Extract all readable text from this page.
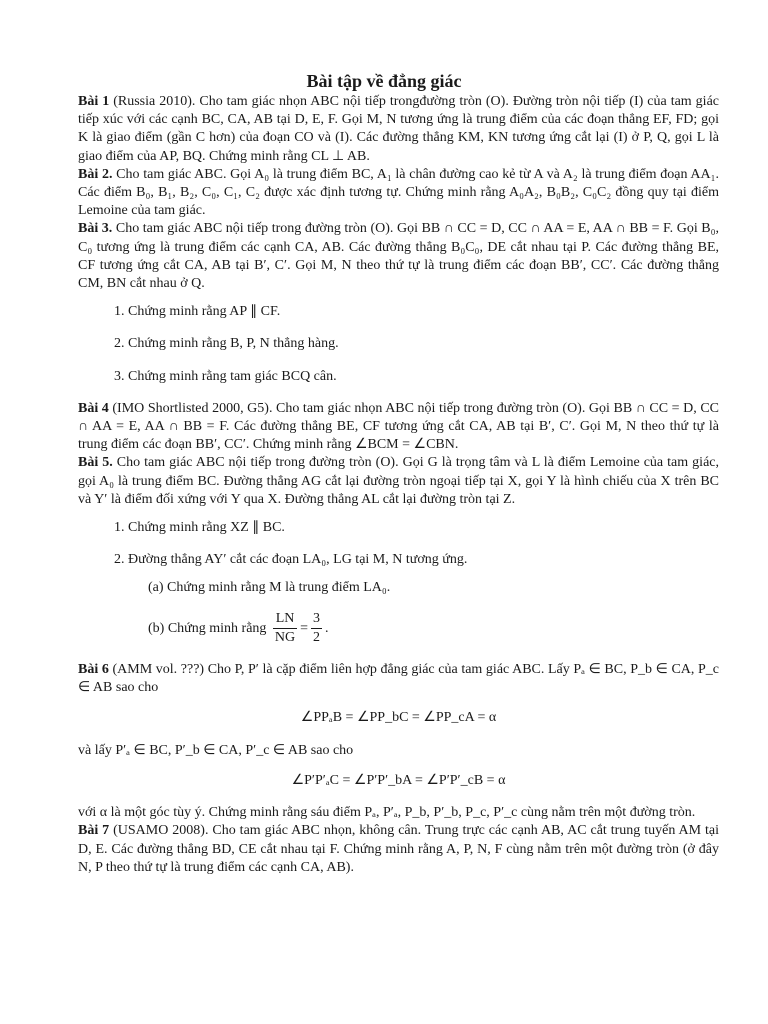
Bài tập về đẳng giác

Bài 1 (Russia 2010). Cho tam giác nhọn ABC nội tiếp trongđường tròn (O). Đường tròn nội tiếp (I) của tam giác tiếp xúc với các cạnh BC, CA, AB tại D, E, F. Gọi M, N tương ứng là trung điểm của các đoạn thẳng EF, FD; gọi K là giao điểm (gần C hơn) của đoạn CO và (I). Các đường thẳng KM, KN tương ứng cắt lại (I) ở P, Q, gọi L là giao điểm của AP, BQ. Chứng minh rằng CL ⊥ AB.

Bài 2. Cho tam giác ABC. Gọi A₀ là trung điểm BC, A₁ là chân đường cao kẻ từ A và A₂ là trung điểm đoạn AA₁. Các điểm B₀, B₁, B₂, C₀, C₁, C₂ được xác định tương tự. Chứng minh rằng A₀A₂, B₀B₂, C₀C₂ đồng quy tại điểm Lemoine của tam giác.

Bài 3. Cho tam giác ABC nội tiếp trong đường tròn (O). Gọi BB ∩ CC = D, CC ∩ AA = E, AA ∩ BB = F. Gọi B₀, C₀ tương ứng là trung điểm các cạnh CA, AB. Các đường thẳng B₀C₀, DE cắt nhau tại P. Các đường thẳng BE, CF tương ứng cắt CA, AB tại B′, C′. Gọi M, N theo thứ tự là trung điểm các đoạn BB′, CC′. Các đường thẳng CM, BN cắt nhau ở Q.

1. Chứng minh rằng AP ∥ CF.
2. Chứng minh rằng B, P, N thẳng hàng.
3. Chứng minh rằng tam giác BCQ cân.

Bài 4 (IMO Shortlisted 2000, G5). Cho tam giác nhọn ABC nội tiếp trong đường tròn (O). Gọi BB ∩ CC = D, CC ∩ AA = E, AA ∩ BB = F. Các đường thẳng BE, CF tương ứng cắt CA, AB tại B′, C′. Gọi M, N theo thứ tự là trung điểm các đoạn BB′, CC′. Chứng minh rằng ∠BCM = ∠CBN.

Bài 5. Cho tam giác ABC nội tiếp trong đường tròn (O). Gọi G là trọng tâm và L là điểm Lemoine của tam giác, gọi A₀ là trung điểm BC. Đường thẳng AG cắt lại đường tròn ngoại tiếp tại X, gọi Y là hình chiếu của X trên BC và Y′ là điểm đối xứng với Y qua X. Đường thẳng AL cắt lại đường tròn tại Z.

1. Chứng minh rằng XZ ∥ BC.
2. Đường thẳng AY′ cắt các đoạn LA₀, LG tại M, N tương ứng.
(a) Chứng minh rằng M là trung điểm LA₀.
(b) Chứng minh rằng $\frac{LN}{NG} = \frac{3}{2}$ .

Bài 6 (AMM vol. ???) Cho P, P′ là cặp điểm liên hợp đẳng giác của tam giác ABC. Lấy Pₐ ∈ BC, P_b ∈ CA, P_c ∈ AB sao cho

∠PPₐB = ∠PP_bC = ∠PP_cA = α

và lấy P′ₐ ∈ BC, P′_b ∈ CA, P′_c ∈ AB sao cho

∠P′P′ₐC = ∠P′P′_bA = ∠P′P′_cB = α

với α là một góc tùy ý. Chứng minh rằng sáu điểm Pₐ, P′ₐ, P_b, P′_b, P_c, P′_c cùng nằm trên một đường tròn.

Bài 7 (USAMO 2008). Cho tam giác ABC nhọn, không cân. Trung trực các cạnh AB, AC cắt trung tuyến AM tại D, E. Các đường thẳng BD, CE cắt nhau tại F. Chứng minh rằng A, P, N, F cùng nằm trên một đường tròn (ở đây N, P theo thứ tự là trung điểm các cạnh CA, AB).
